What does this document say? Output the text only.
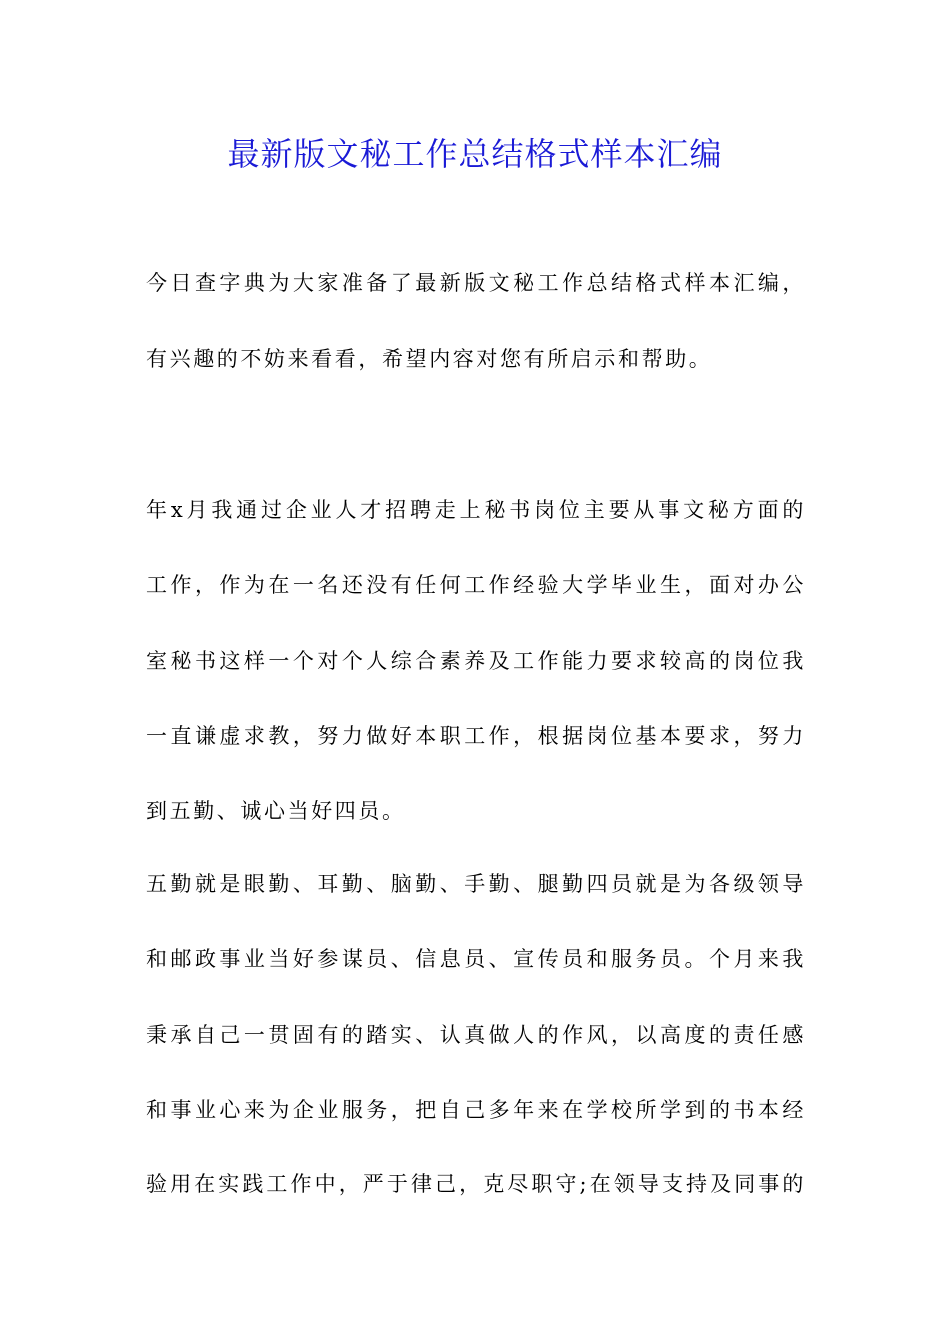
最新版文秘工作总结格式样本汇编

今日查字典为大家准备了最新版文秘工作总结格式样本汇编，

有兴趣的不妨来看看，希望内容对您有所启示和帮助。

年x月我通过企业人才招聘走上秘书岗位主要从事文秘方面的

工作，作为在一名还没有任何工作经验大学毕业生，面对办公

室秘书这样一个对个人综合素养及工作能力要求较高的岗位我

一直谦虚求教，努力做好本职工作，根据岗位基本要求，努力

到五勤、诚心当好四员。

五勤就是眼勤、耳勤、脑勤、手勤、腿勤四员就是为各级领导

和邮政事业当好参谋员、信息员、宣传员和服务员。个月来我

秉承自己一贯固有的踏实、认真做人的作风，以高度的责任感

和事业心来为企业服务，把自己多年来在学校所学到的书本经

验用在实践工作中，严于律己，克尽职守;在领导支持及同事的
